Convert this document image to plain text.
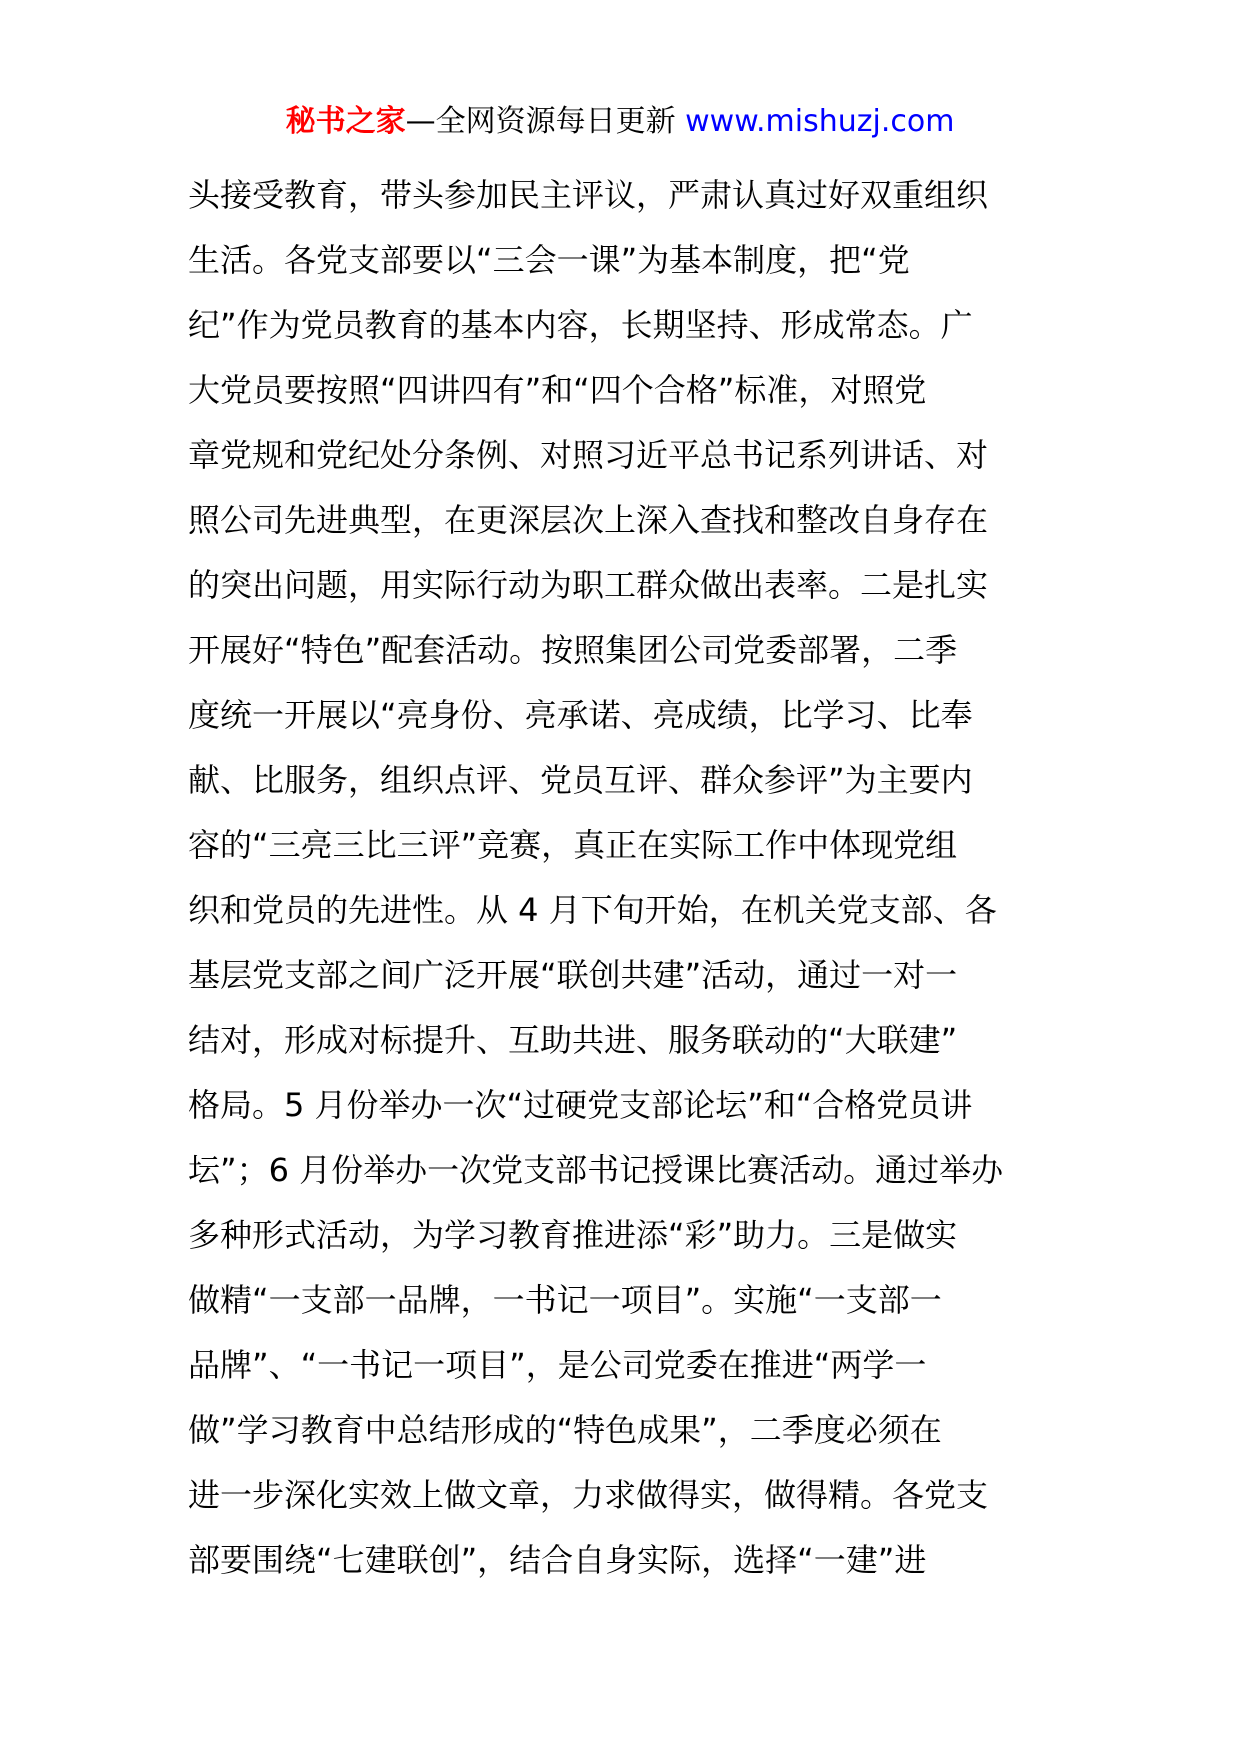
秘书之家—全网资源每日更新 www.mishuzj.com
头接受教育，带头参加民主评议，严肃认真过好双重组织
生活。各党支部要以“三会一课”为基本制度，把“党
纪”作为党员教育的基本内容，长期坚持、形成常态。广
大党员要按照“四讲四有”和“四个合格”标准，对照党
章党规和党纪处分条例、对照习近平总书记系列讲话、对
照公司先进典型，在更深层次上深入查找和整改自身存在
的突出问题，用实际行动为职工群众做出表率。二是扎实
开展好“特色”配套活动。按照集团公司党委部署，二季
度统一开展以“亮身份、亮承诺、亮成绩，比学习、比奉
献、比服务，组织点评、党员互评、群众参评”为主要内
容的“三亮三比三评”竞赛，真正在实际工作中体现党组
织和党员的先进性。从 4 月下旬开始，在机关党支部、各
基层党支部之间广泛开展“联创共建”活动，通过一对一
结对，形成对标提升、互助共进、服务联动的“大联建”
格局。5 月份举办一次“过硬党支部论坛”和“合格党员讲
坛”；6 月份举办一次党支部书记授课比赛活动。通过举办
多种形式活动，为学习教育推进添“彩”助力。三是做实
做精“一支部一品牌，一书记一项目”。实施“一支部一
品牌”、“一书记一项目”，是公司党委在推进“两学一
做”学习教育中总结形成的“特色成果”，二季度必须在
进一步深化实效上做文章，力求做得实，做得精。各党支
部要围绕“七建联创”，结合自身实际，选择“一建”进
